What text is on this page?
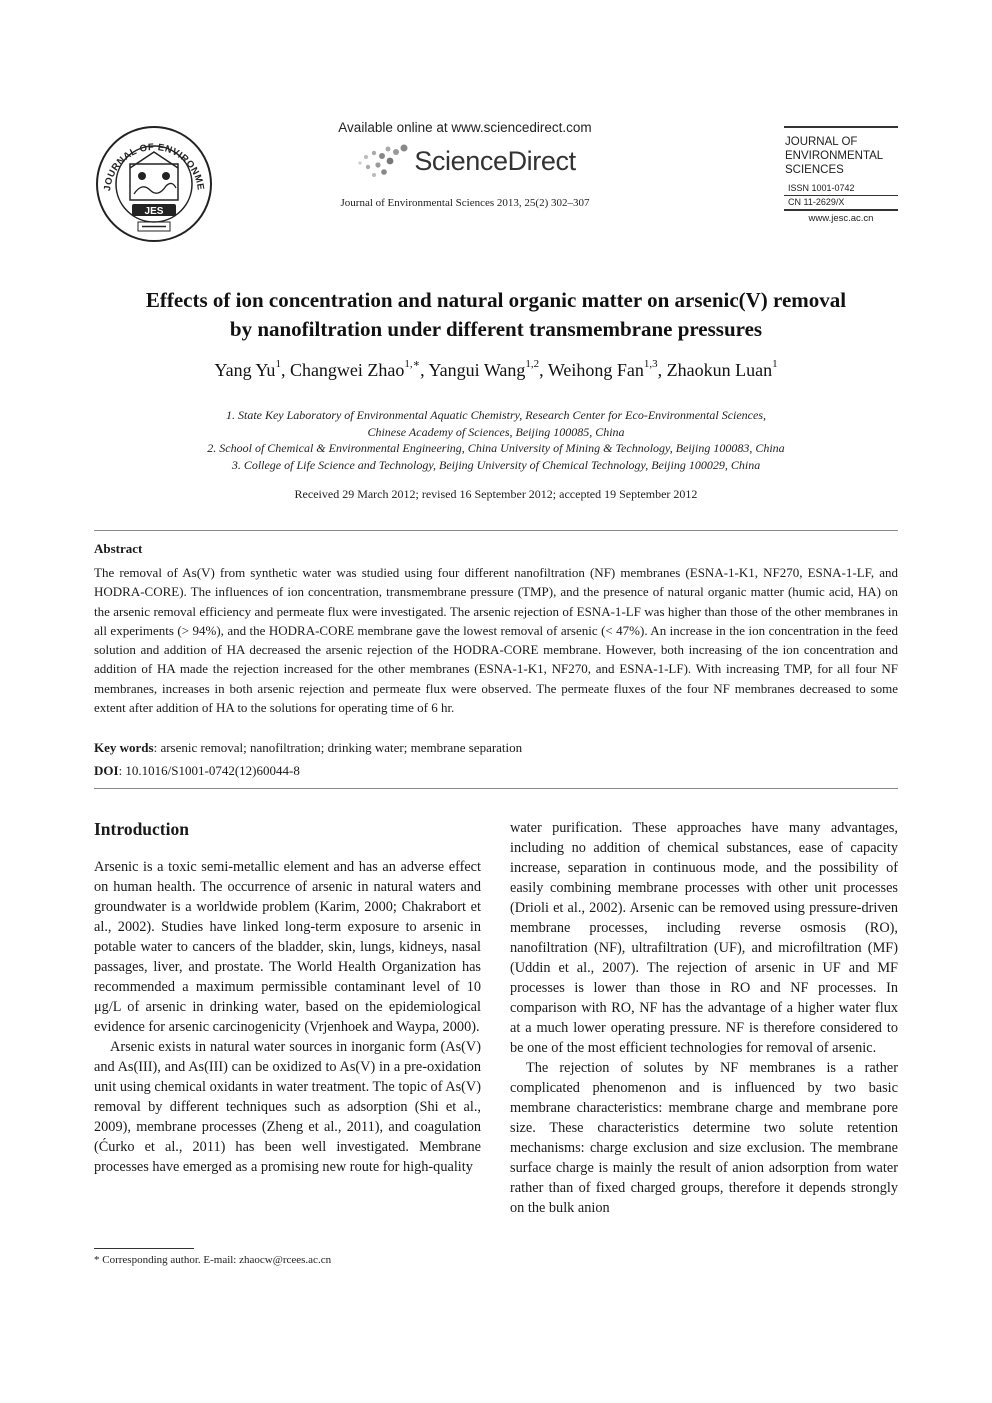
JOURNAL OF ENVIRONME
JES
Available online at www.sciencedirect.com
ScienceDirect
Journal of Environmental Sciences 2013, 25(2) 302–307
JOURNAL OF
ENVIRONMENTAL
SCIENCES
ISSN 1001-0742
CN 11-2629/X
www.jesc.ac.cn
Effects of ion concentration and natural organic matter on arsenic(V) removal
by nanofiltration under different transmembrane pressures
Yang Yu$^1$, Changwei Zhao$^{1,∗}$, Yangui Wang$^{1,2}$, Weihong Fan$^{1,3}$, Zhaokun Luan$^1$
1. State Key Laboratory of Environmental Aquatic Chemistry, Research Center for Eco-Environmental Sciences,
Chinese Academy of Sciences, Beijing 100085, China
2. School of Chemical & Environmental Engineering, China University of Mining & Technology, Beijing 100083, China
3. College of Life Science and Technology, Beijing University of Chemical Technology, Beijing 100029, China
Received 29 March 2012; revised 16 September 2012; accepted 19 September 2012
Abstract
The removal of As(V) from synthetic water was studied using four different nanofiltration (NF) membranes (ESNA-1-K1, NF270, ESNA-1-LF, and HODRA-CORE). The influences of ion concentration, transmembrane pressure (TMP), and the presence of natural organic matter (humic acid, HA) on the arsenic removal efficiency and permeate flux were investigated. The arsenic rejection of ESNA-1-LF was higher than those of the other membranes in all experiments (> 94%), and the HODRA-CORE membrane gave the lowest removal of arsenic (< 47%). An increase in the ion concentration in the feed solution and addition of HA decreased the arsenic rejection of the HODRA-CORE membrane. However, both increasing of the ion concentration and addition of HA made the rejection increased for the other membranes (ESNA-1-K1, NF270, and ESNA-1-LF). With increasing TMP, for all four NF membranes, increases in both arsenic rejection and permeate flux were observed. The permeate fluxes of the four NF membranes decreased to some extent after addition of HA to the solutions for operating time of 6 hr.
Key words: arsenic removal; nanofiltration; drinking water; membrane separation
DOI: 10.1016/S1001-0742(12)60044-8
Introduction

Arsenic is a toxic semi-metallic element and has an adverse effect on human health. The occurrence of arsenic in natural waters and groundwater is a worldwide problem (Karim, 2000; Chakrabort et al., 2002). Studies have linked long-term exposure to arsenic in potable water to cancers of the bladder, skin, lungs, kidneys, nasal passages, liver, and prostate. The World Health Organization has recommended a maximum permissible contaminant level of 10 μg/L of arsenic in drinking water, based on the epidemiological evidence for arsenic carcinogenicity (Vrjenhoek and Waypa, 2000).

Arsenic exists in natural water sources in inorganic form (As(V) and As(III), and As(III) can be oxidized to As(V) in a pre-oxidation unit using chemical oxidants in water treatment. The topic of As(V) removal by different techniques such as adsorption (Shi et al., 2009), membrane processes (Zheng et al., 2011), and coagulation (Ćurko et al., 2011) has been well investigated. Membrane processes have emerged as a promising new route for high-quality

water purification. These approaches have many advantages, including no addition of chemical substances, ease of capacity increase, separation in continuous mode, and the possibility of easily combining membrane processes with other unit processes (Drioli et al., 2002). Arsenic can be removed using pressure-driven membrane processes, including reverse osmosis (RO), nanofiltration (NF), ultrafiltration (UF), and microfiltration (MF) (Uddin et al., 2007). The rejection of arsenic in UF and MF processes is lower than those in RO and NF processes. In comparison with RO, NF has the advantage of a higher water flux at a much lower operating pressure. NF is therefore considered to be one of the most efficient technologies for removal of arsenic.

The rejection of solutes by NF membranes is a rather complicated phenomenon and is influenced by two basic membrane characteristics: membrane charge and membrane pore size. These characteristics determine two solute retention mechanisms: charge exclusion and size exclusion. The membrane surface charge is mainly the result of anion adsorption from water rather than of fixed charged groups, therefore it depends strongly on the bulk anion

* Corresponding author. E-mail: zhaocw@rcees.ac.cn
